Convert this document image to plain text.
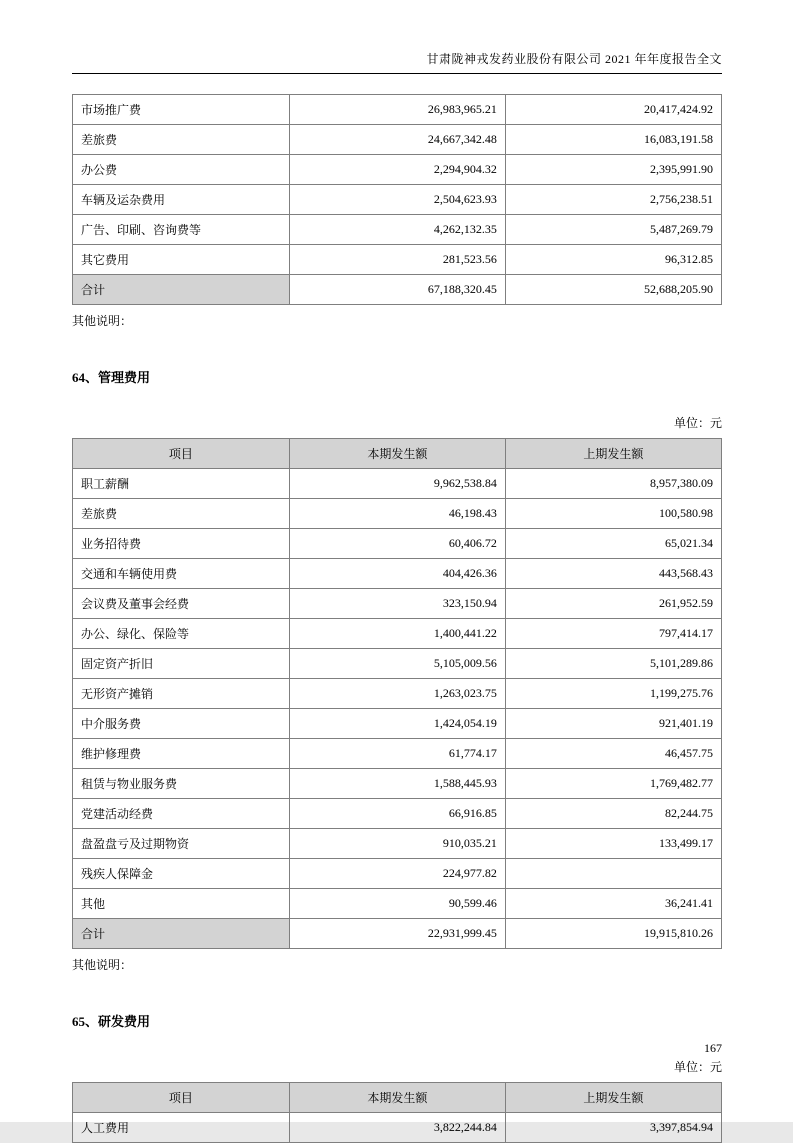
甘肃陇神戎发药业股份有限公司 2021 年年度报告全文
市场推广费	26,983,965.21	20,417,424.92
差旅费	24,667,342.48	16,083,191.58
办公费	2,294,904.32	2,395,991.90
车辆及运杂费用	2,504,623.93	2,756,238.51
广告、印刷、咨询费等	4,262,132.35	5,487,269.79
其它费用	281,523.56	96,312.85
合计	67,188,320.45	52,688,205.90
其他说明：
64、管理费用
单位：元
项目	本期发生额	上期发生额
职工薪酬	9,962,538.84	8,957,380.09
差旅费	46,198.43	100,580.98
业务招待费	60,406.72	65,021.34
交通和车辆使用费	404,426.36	443,568.43
会议费及董事会经费	323,150.94	261,952.59
办公、绿化、保险等	1,400,441.22	797,414.17
固定资产折旧	5,105,009.56	5,101,289.86
无形资产摊销	1,263,023.75	1,199,275.76
中介服务费	1,424,054.19	921,401.19
维护修理费	61,774.17	46,457.75
租赁与物业服务费	1,588,445.93	1,769,482.77
党建活动经费	66,916.85	82,244.75
盘盈盘亏及过期物资	910,035.21	133,499.17
残疾人保障金	224,977.82	
其他	90,599.46	36,241.41
合计	22,931,999.45	19,915,810.26
其他说明：
65、研发费用
单位：元
项目	本期发生额	上期发生额
人工费用	3,822,244.84	3,397,854.94
167
